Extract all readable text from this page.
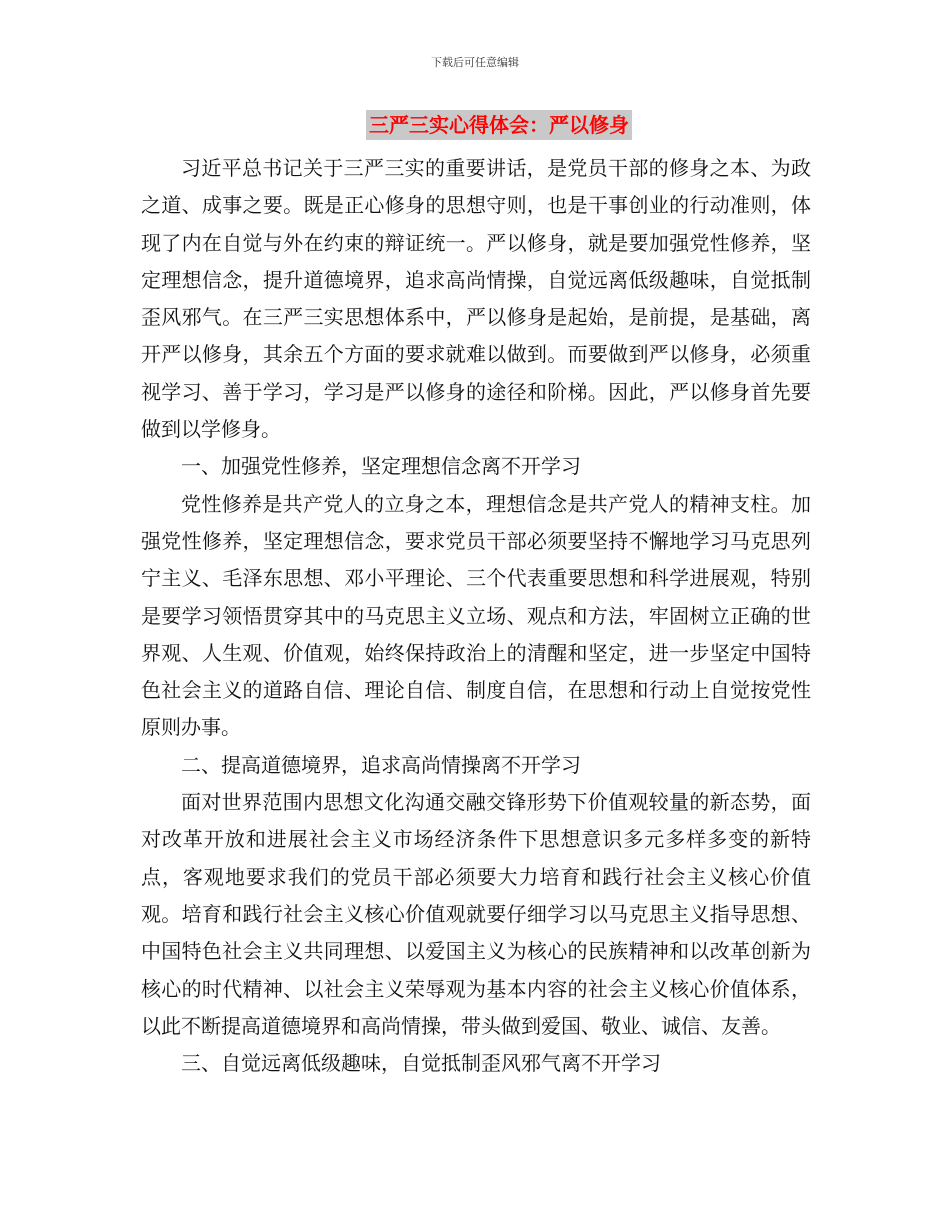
下载后可任意编辑
三严三实心得体会：严以修身

习近平总书记关于三严三实的重要讲话，是党员干部的修身之本、为政之道、成事之要。既是正心修身的思想守则，也是干事创业的行动准则，体现了内在自觉与外在约束的辩证统一。严以修身，就是要加强党性修养，坚定理想信念，提升道德境界，追求高尚情操，自觉远离低级趣味，自觉抵制歪风邪气。在三严三实思想体系中，严以修身是起始，是前提，是基础，离开严以修身，其余五个方面的要求就难以做到。而要做到严以修身，必须重视学习、善于学习，学习是严以修身的途径和阶梯。因此，严以修身首先要做到以学修身。

一、加强党性修养，坚定理想信念离不开学习

党性修养是共产党人的立身之本，理想信念是共产党人的精神支柱。加强党性修养，坚定理想信念，要求党员干部必须要坚持不懈地学习马克思列宁主义、毛泽东思想、邓小平理论、三个代表重要思想和科学进展观，特别是要学习领悟贯穿其中的马克思主义立场、观点和方法，牢固树立正确的世界观、人生观、价值观，始终保持政治上的清醒和坚定，进一步坚定中国特色社会主义的道路自信、理论自信、制度自信，在思想和行动上自觉按党性原则办事。

二、提高道德境界，追求高尚情操离不开学习

面对世界范围内思想文化沟通交融交锋形势下价值观较量的新态势，面对改革开放和进展社会主义市场经济条件下思想意识多元多样多变的新特点，客观地要求我们的党员干部必须要大力培育和践行社会主义核心价值观。培育和践行社会主义核心价值观就要仔细学习以马克思主义指导思想、中国特色社会主义共同理想、以爱国主义为核心的民族精神和以改革创新为核心的时代精神、以社会主义荣辱观为基本内容的社会主义核心价值体系，以此不断提高道德境界和高尚情操，带头做到爱国、敬业、诚信、友善。

三、自觉远离低级趣味，自觉抵制歪风邪气离不开学习
